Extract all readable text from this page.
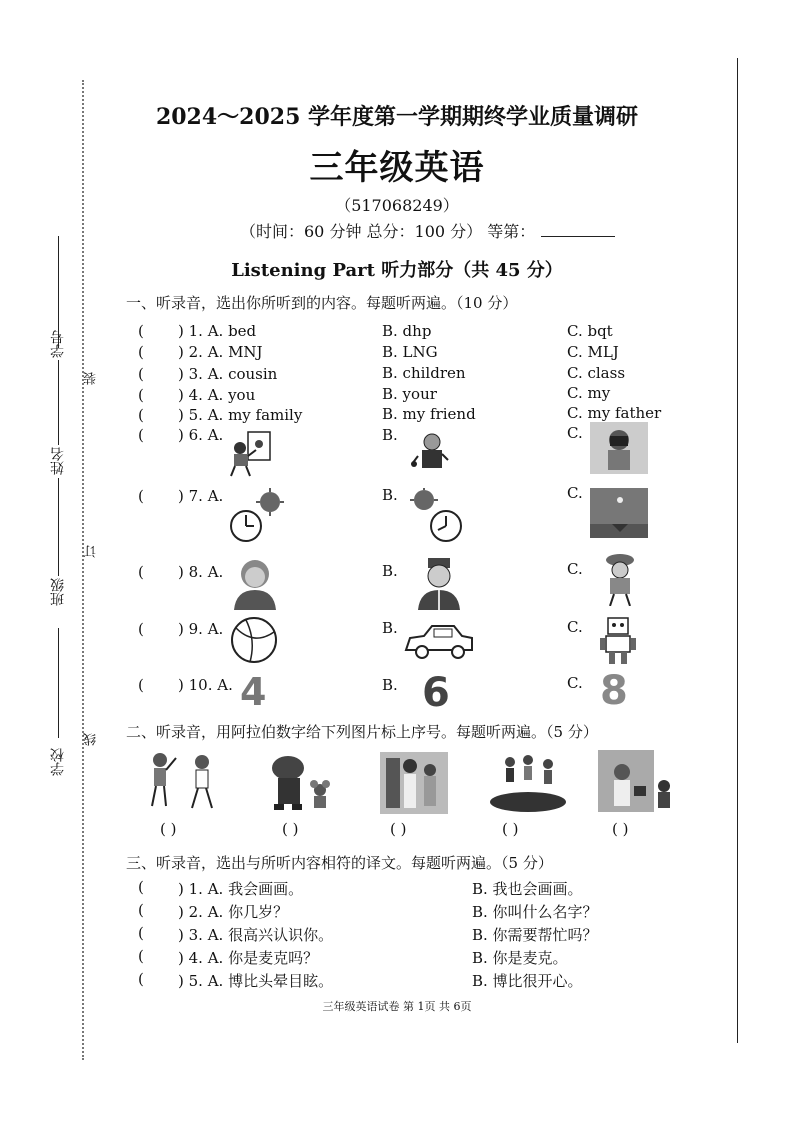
学号
姓名
班级
学校
装
订
线
2024～2025 学年度第一学期期终学业质量调研
三年级英语
（517068249）
（时间：60 分钟 总分：100 分） 等第：
Listening Part 听力部分（共 45 分）
一、听录音，选出你所听到的内容。每题听两遍。（10 分）
( ) 1. A. bed	B. dhp	C. bqt
( ) 2. A. MNJ	B. LNG	C. MLJ
( ) 3. A. cousin	B. children	C. class
( ) 4. A. you	B. your	C. my
( ) 5. A. my family	B. my friend	C. my father
( ) 6. A.	B.	C.
( ) 7. A.	B.	C.
( ) 8. A.	B.	C.
( ) 9. A.	B.	C.
( ) 10. A.	B.	C.
4	6	8
二、听录音，用阿拉伯数字给下列图片标上序号。每题听两遍。（5 分）
( )	( )	( )	( )	( )
三、听录音，选出与所听内容相符的译文。每题听两遍。（5 分）
( ) 1. A. 我会画画。	B. 我也会画画。
( ) 2. A. 你几岁？	B. 你叫什么名字？
( ) 3. A. 很高兴认识你。	B. 你需要帮忙吗？
( ) 4. A. 你是麦克吗？	B. 你是麦克。
( ) 5. A. 博比头晕目眩。	B. 博比很开心。
三年级英语试卷 第 1页 共 6页
